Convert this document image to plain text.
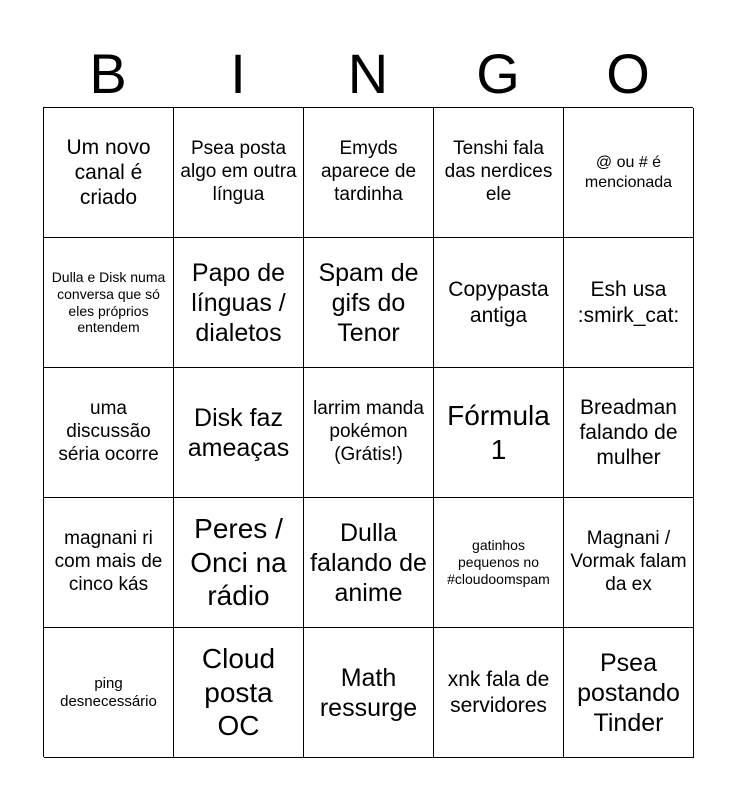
B	I	N	G	O
Um novo canal é criado
Psea posta algo em outra língua
Emyds aparece de tardinha
Tenshi fala das nerdices ele
@ ou # é mencionada
Dulla e Disk numa conversa que só eles próprios entendem
Papo de línguas / dialetos
Spam de gifs do Tenor
Copypasta antiga
Esh usa :smirk_cat:
uma discussão séria ocorre
Disk faz ameaças
larrim manda pokémon (Grátis!)
Fórmula 1
Breadman falando de mulher
magnani ri com mais de cinco kás
Peres / Onci na rádio
Dulla falando de anime
gatinhos pequenos no #cloudoomspam
Magnani / Vormak falam da ex
ping desnecessário
Cloud posta OC
Math ressurge
xnk fala de servidores
Psea postando Tinder
